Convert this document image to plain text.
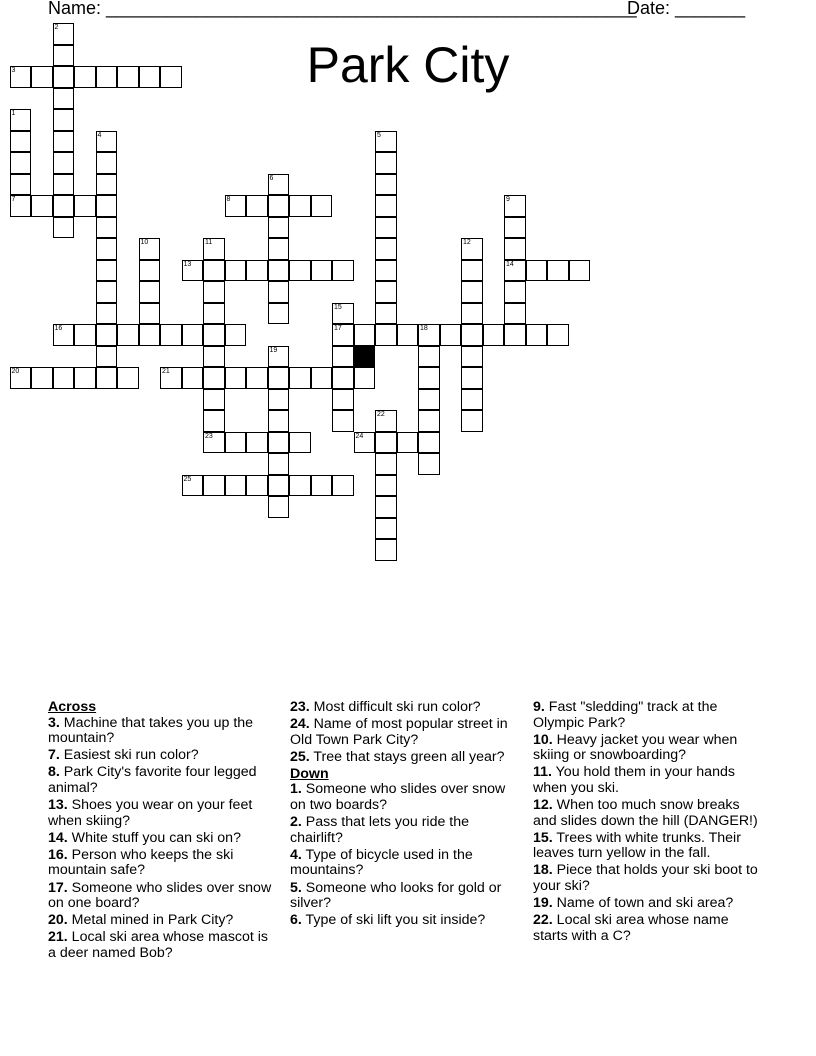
Name: _____________________________________________________
Date: _______
Park City
1
7
2
3
4	5
6
8	9
14
10	11	12
13
15
17
16	18
19
20	21
22
23	24
25
Across
3. Machine that takes you up the mountain?
7. Easiest ski run color?
8. Park City's favorite four legged animal?
13. Shoes you wear on your feet when skiing?
14. White stuff you can ski on?
16. Person who keeps the ski mountain safe?
17. Someone who slides over snow on one board?
20. Metal mined in Park City?
21. Local ski area whose mascot is a deer named Bob?
23. Most difficult ski run color?
24. Name of most popular street in Old Town Park City?
25. Tree that stays green all year?
Down
1. Someone who slides over snow on two boards?
2. Pass that lets you ride the chairlift?
4. Type of bicycle used in the mountains?
5. Someone who looks for gold or silver?
6. Type of ski lift you sit inside?
9. Fast "sledding" track at the Olympic Park?
10. Heavy jacket you wear when skiing or snowboarding?
11. You hold them in your hands when you ski.
12. When too much snow breaks and slides down the hill (DANGER!)
15. Trees with white trunks. Their leaves turn yellow in the fall.
18. Piece that holds your ski boot to your ski?
19. Name of town and ski area?
22. Local ski area whose name starts with a C?
